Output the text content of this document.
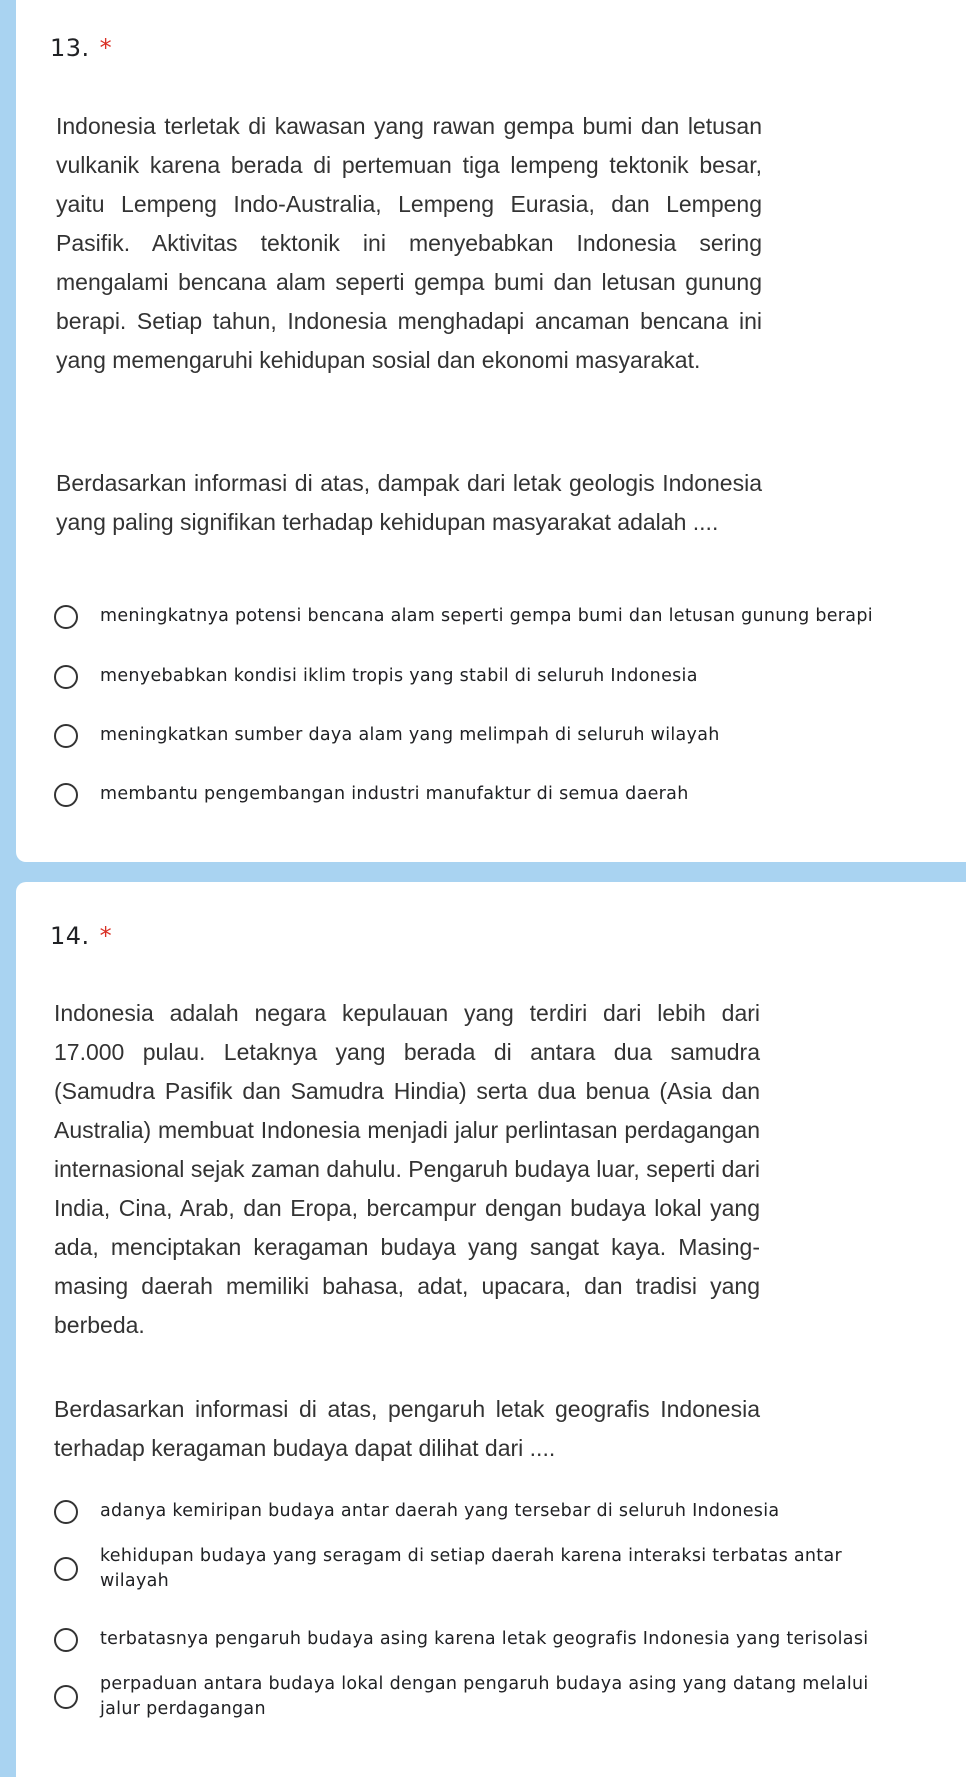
13. *

Indonesia terletak di kawasan yang rawan gempa bumi dan letusan vulkanik karena berada di pertemuan tiga lempeng tektonik besar, yaitu Lempeng Indo-Australia, Lempeng Eurasia, dan Lempeng Pasifik. Aktivitas tektonik ini menyebabkan Indonesia sering mengalami bencana alam seperti gempa bumi dan letusan gunung berapi. Setiap tahun, Indonesia menghadapi ancaman bencana ini yang memengaruhi kehidupan sosial dan ekonomi masyarakat.

Berdasarkan informasi di atas, dampak dari letak geologis Indonesia yang paling signifikan terhadap kehidupan masyarakat adalah ....

meningkatnya potensi bencana alam seperti gempa bumi dan letusan gunung berapi
menyebabkan kondisi iklim tropis yang stabil di seluruh Indonesia
meningkatkan sumber daya alam yang melimpah di seluruh wilayah
membantu pengembangan industri manufaktur di semua daerah
14. *

Indonesia adalah negara kepulauan yang terdiri dari lebih dari 17.000 pulau. Letaknya yang berada di antara dua samudra (Samudra Pasifik dan Samudra Hindia) serta dua benua (Asia dan Australia) membuat Indonesia menjadi jalur perlintasan perdagangan internasional sejak zaman dahulu. Pengaruh budaya luar, seperti dari India, Cina, Arab, dan Eropa, bercampur dengan budaya lokal yang ada, menciptakan keragaman budaya yang sangat kaya. Masing-masing daerah memiliki bahasa, adat, upacara, dan tradisi yang berbeda.

Berdasarkan informasi di atas, pengaruh letak geografis Indonesia terhadap keragaman budaya dapat dilihat dari ....

adanya kemiripan budaya antar daerah yang tersebar di seluruh Indonesia
kehidupan budaya yang seragam di setiap daerah karena interaksi terbatas antar wilayah
terbatasnya pengaruh budaya asing karena letak geografis Indonesia yang terisolasi
perpaduan antara budaya lokal dengan pengaruh budaya asing yang datang melalui jalur perdagangan
